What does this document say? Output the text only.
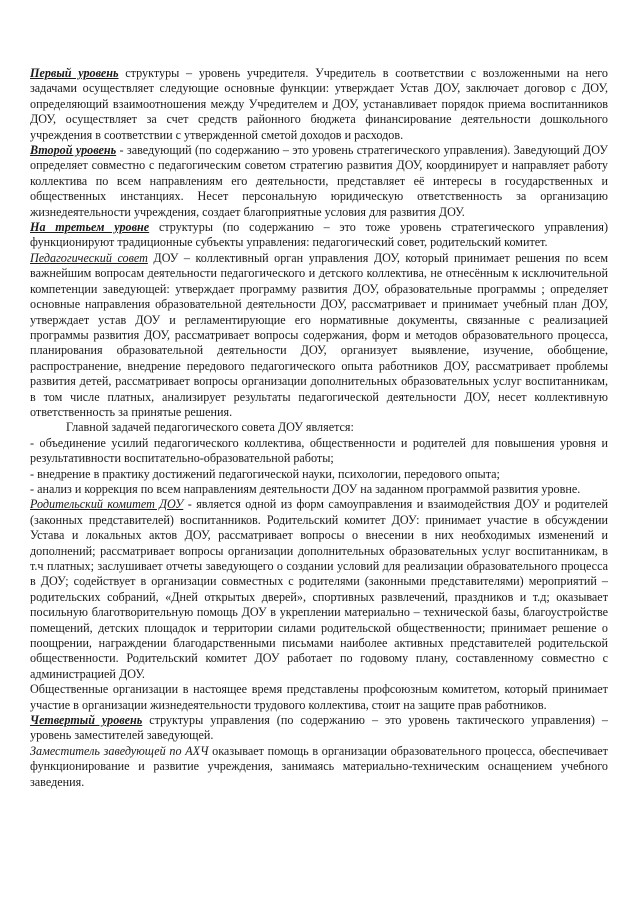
Первый уровень структуры – уровень учредителя. Учредитель в соответствии с возложенными на него задачами осуществляет следующие основные функции: утверждает Устав ДОУ, заключает договор с ДОУ, определяющий взаимоотношения между Учредителем и ДОУ, устанавливает порядок приема воспитанников ДОУ, осуществляет за счет средств районного бюджета финансирование деятельности дошкольного учреждения в соответствии с утвержденной сметой доходов и расходов.

Второй уровень - заведующий (по содержанию – это уровень стратегического управления). Заведующий ДОУ определяет совместно с педагогическим советом стратегию развития ДОУ, координирует и направляет работу коллектива по всем направлениям его деятельности, представляет её интересы в государственных и общественных инстанциях. Несет персональную юридическую ответственность за организацию жизнедеятельности учреждения, создает благоприятные условия для развития ДОУ.

На третьем уровне структуры (по содержанию – это тоже уровень стратегического управления) функционируют традиционные субъекты управления: педагогический совет, родительский комитет.

Педагогический совет ДОУ – коллективный орган управления ДОУ, который принимает решения по всем важнейшим вопросам деятельности педагогического и детского коллектива, не отнесённым к исключительной компетенции заведующей: утверждает программу развития ДОУ, образовательные программы ; определяет основные направления образовательной деятельности ДОУ, рассматривает и принимает учебный план ДОУ, утверждает устав ДОУ и регламентирующие его нормативные документы, связанные с реализацией программы развития ДОУ, рассматривает вопросы содержания, форм и методов образовательного процесса, планирования образовательной деятельности ДОУ, организует выявление, изучение, обобщение, распространение, внедрение передового педагогического опыта работников ДОУ, рассматривает проблемы развития детей, рассматривает вопросы организации дополнительных образовательных услуг воспитанникам, в том числе платных, анализирует результаты педагогической деятельности ДОУ, несет коллективную ответственность за принятые решения.

Главной задачей педагогического совета ДОУ является:

- объединение усилий педагогического коллектива, общественности и родителей для повышения уровня и результативности воспитательно-образовательной работы;

- внедрение в практику достижений педагогической науки, психологии, передового опыта;

- анализ и коррекция по всем направлениям деятельности ДОУ на заданном программой развития уровне.

Родительский комитет ДОУ - является одной из форм самоуправления и взаимодействия ДОУ и родителей (законных представителей) воспитанников. Родительский комитет ДОУ: принимает участие в обсуждении Устава и локальных актов ДОУ, рассматривает вопросы о внесении в них необходимых изменений и дополнений; рассматривает вопросы организации дополнительных образовательных услуг воспитанникам, в т.ч платных; заслушивает отчеты заведующего о создании условий для реализации образовательного процесса в ДОУ; содействует в организации совместных с родителями (законными представителями) мероприятий – родительских собраний, «Дней открытых дверей», спортивных развлечений, праздников и т.д; оказывает посильную благотворительную помощь ДОУ в укреплении материально – технической базы, благоустройстве помещений, детских площадок и территории силами родительской общественности; принимает решение о поощрении, награждении благодарственными письмами наиболее активных представителей родительской общественности. Родительский комитет ДОУ работает по годовому плану, составленному совместно с администрацией ДОУ.

Общественные организации в настоящее время представлены профсоюзным комитетом, который принимает участие в организации жизнедеятельности трудового коллектива, стоит на защите прав работников.

Четвертый уровень структуры управления (по содержанию – это уровень тактического управления) – уровень заместителей заведующей.

Заместитель заведующей по АХЧ оказывает помощь в организации образовательного процесса, обеспечивает функционирование и развитие учреждения, занимаясь материально-техническим оснащением учебного заведения.
